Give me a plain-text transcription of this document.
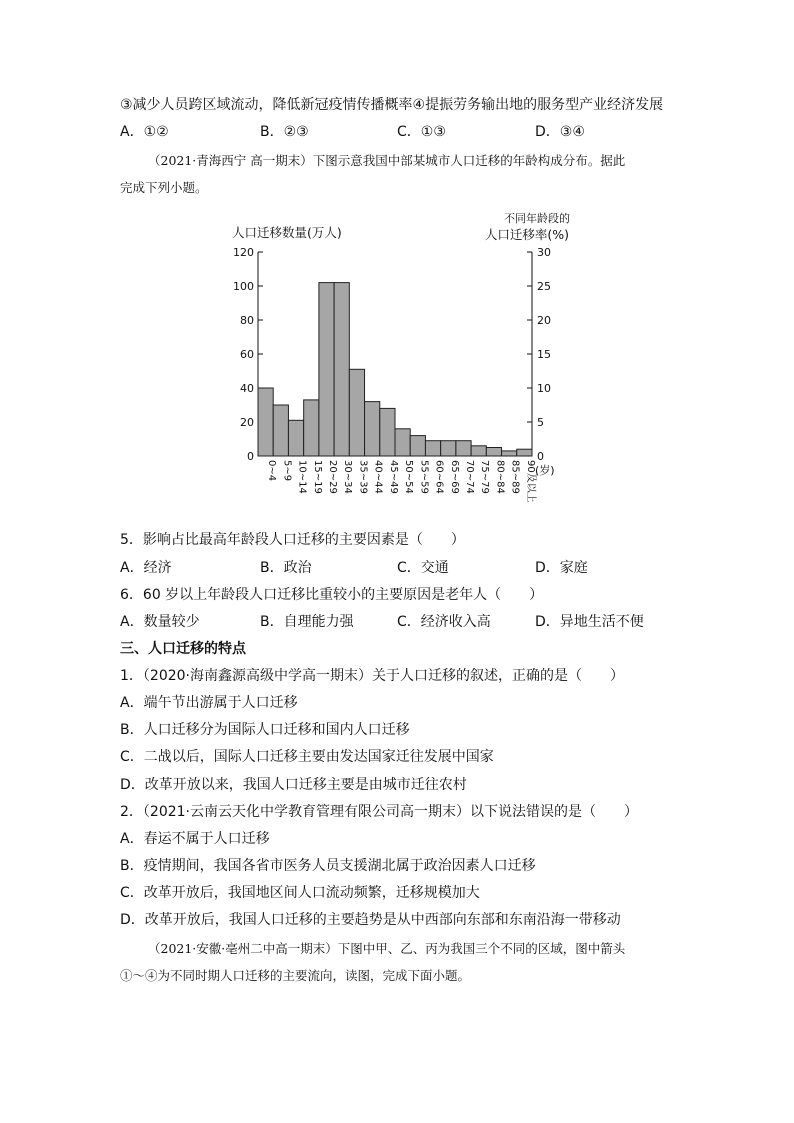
③减少人员跨区域流动，降低新冠疫情传播概率④提振劳务输出地的服务型产业经济发展
A．①②	B．②③	C．①③	D．③④
（2021·青海西宁 高一期末）下图示意我国中部某城市人口迁移的年龄构成分布。据此
完成下列小题。
人口迁移数量(万人)
不同年龄段的
人口迁移率(%)
0
20
40
60
80
100
120
0
5
10
15
20
25
30
0~4 5~9 10~14 15~19 20~29 30~34 35~39 40~44 45~49 50~54 55~59 60~64 65~69 70~74 75~79 80~84 85~89 90及以上 (岁)
5．影响占比最高年龄段人口迁移的主要因素是（　　）
A．经济	B．政治	C．交通	D．家庭
6．60 岁以上年龄段人口迁移比重较小的主要原因是老年人（　　）
A．数量较少	B．自理能力强	C．经济收入高	D．异地生活不便
三、人口迁移的特点
1．（2020·海南鑫源高级中学高一期末）关于人口迁移的叙述，正确的是（　　）
A．端午节出游属于人口迁移
B．人口迁移分为国际人口迁移和国内人口迁移
C．二战以后，国际人口迁移主要由发达国家迁往发展中国家
D．改革开放以来，我国人口迁移主要是由城市迁往农村
2．（2021·云南云天化中学教育管理有限公司高一期末）以下说法错误的是（　　）
A．春运不属于人口迁移
B．疫情期间，我国各省市医务人员支援湖北属于政治因素人口迁移
C．改革开放后，我国地区间人口流动频繁，迁移规模加大
D．改革开放后，我国人口迁移的主要趋势是从中西部向东部和东南沿海一带移动
（2021·安徽·亳州二中高一期末）下图中甲、乙、丙为我国三个不同的区域，图中箭头
①～④为不同时期人口迁移的主要流向，读图，完成下面小题。
